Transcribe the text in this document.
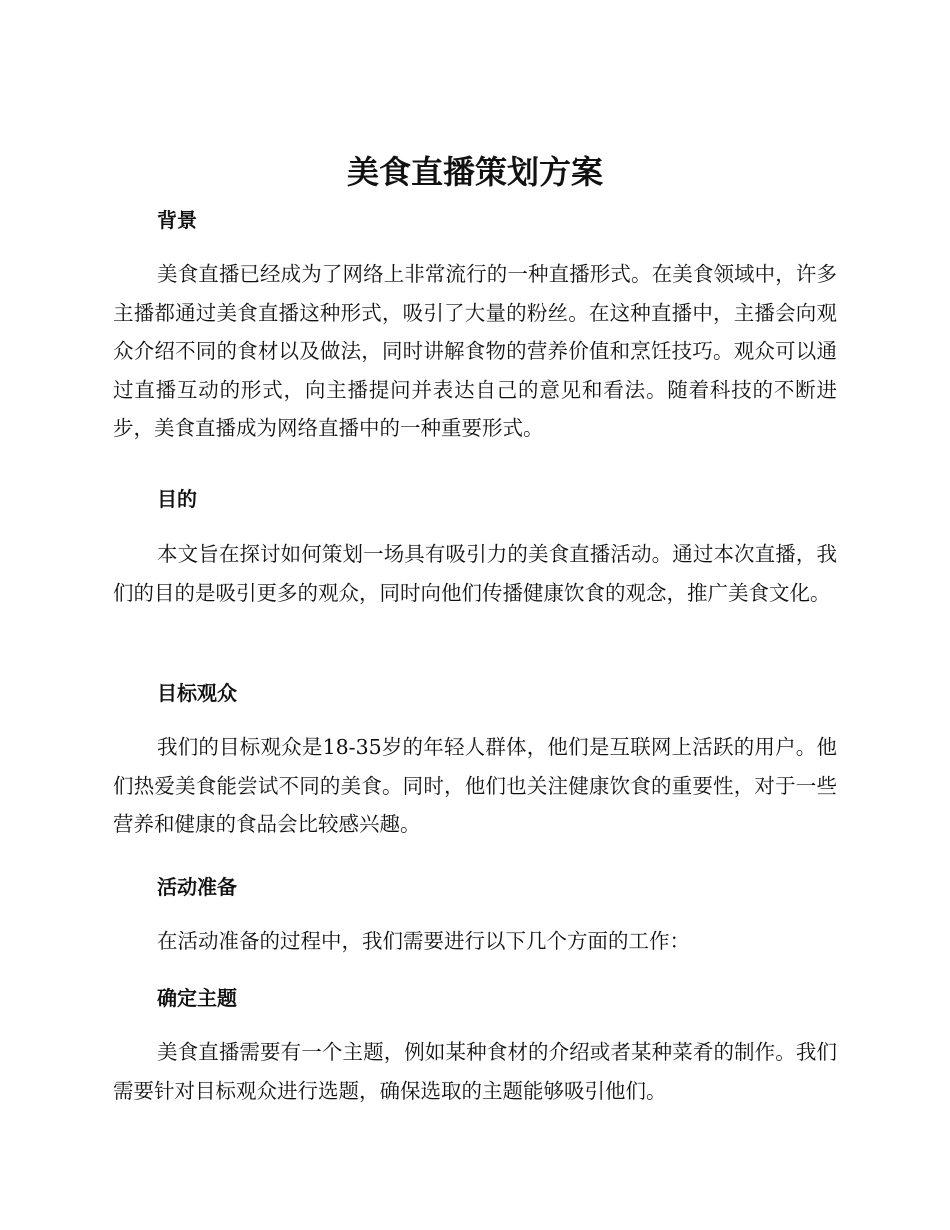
美食直播策划方案
背景

美食直播已经成为了网络上非常流行的一种直播形式。在美食领域中，许多主播都通过美食直播这种形式，吸引了大量的粉丝。在这种直播中，主播会向观众介绍不同的食材以及做法，同时讲解食物的营养价值和烹饪技巧。观众可以通过直播互动的形式，向主播提问并表达自己的意见和看法。随着科技的不断进步，美食直播成为网络直播中的一种重要形式。

目的

本文旨在探讨如何策划一场具有吸引力的美食直播活动。通过本次直播，我们的目的是吸引更多的观众，同时向他们传播健康饮食的观念，推广美食文化。

目标观众

我们的目标观众是18-35岁的年轻人群体，他们是互联网上活跃的用户。他们热爱美食能尝试不同的美食。同时，他们也关注健康饮食的重要性，对于一些营养和健康的食品会比较感兴趣。

活动准备

在活动准备的过程中，我们需要进行以下几个方面的工作：

确定主题

美食直播需要有一个主题，例如某种食材的介绍或者某种菜肴的制作。我们需要针对目标观众进行选题，确保选取的主题能够吸引他们。
